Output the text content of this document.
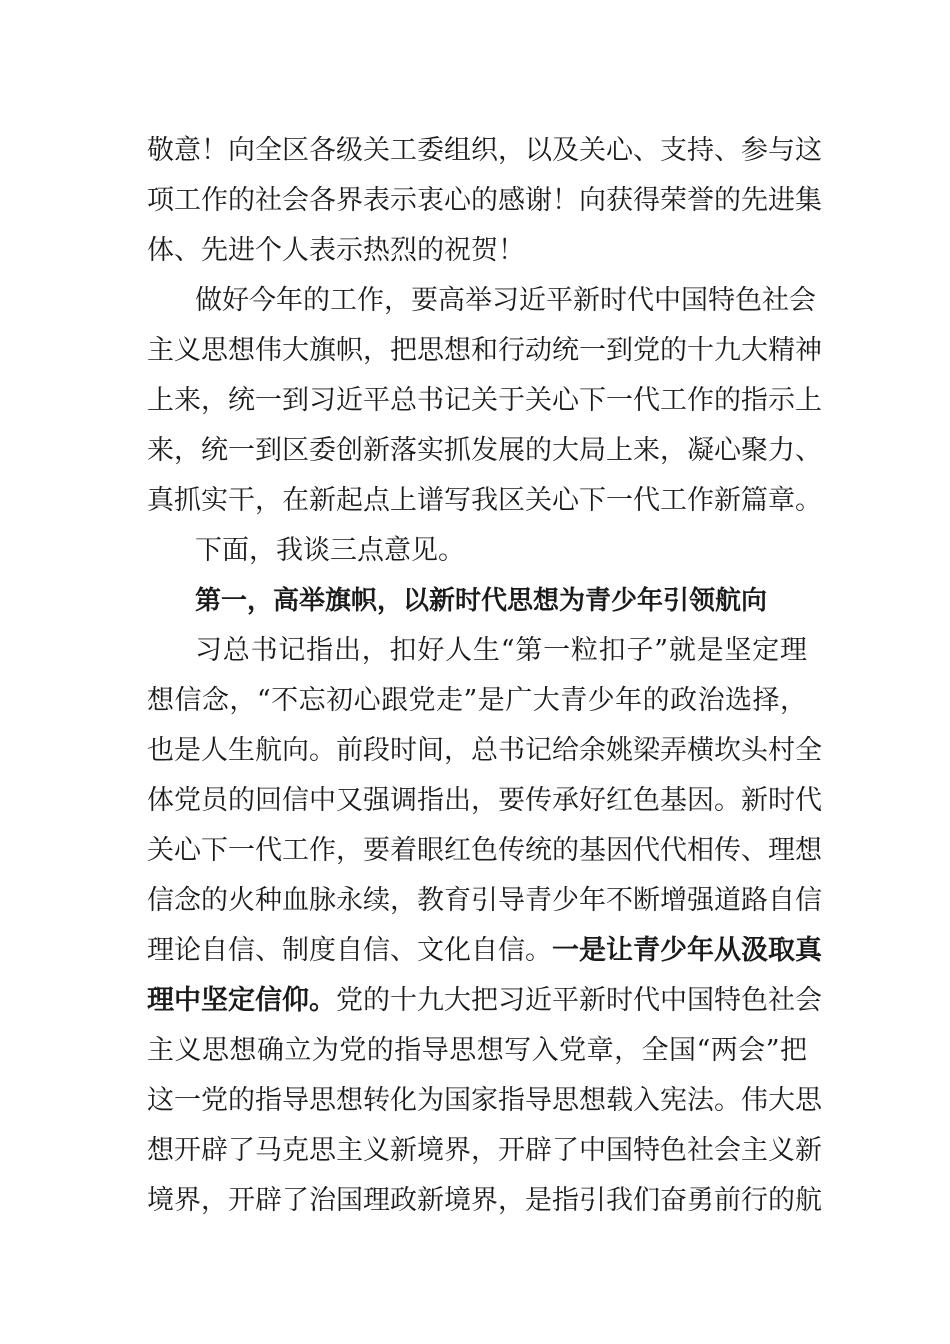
敬意！向全区各级关工委组织，以及关心、支持、参与这
项工作的社会各界表示衷心的感谢！向获得荣誉的先进集
体、先进个人表示热烈的祝贺！
做好今年的工作，要高举习近平新时代中国特色社会
主义思想伟大旗帜，把思想和行动统一到党的十九大精神
上来，统一到习近平总书记关于关心下一代工作的指示上
来，统一到区委创新落实抓发展的大局上来，凝心聚力、
真抓实干，在新起点上谱写我区关心下一代工作新篇章。
下面，我谈三点意见。
第一，高举旗帜，以新时代思想为青少年引领航向
习总书记指出，扣好人生“第一粒扣子”就是坚定理
想信念，“不忘初心跟党走”是广大青少年的政治选择，
也是人生航向。前段时间，总书记给余姚梁弄横坎头村全
体党员的回信中又强调指出，要传承好红色基因。新时代
关心下一代工作，要着眼红色传统的基因代代相传、理想
信念的火种血脉永续，教育引导青少年不断增强道路自信
理论自信、制度自信、文化自信。一是让青少年从汲取真
理中坚定信仰。党的十九大把习近平新时代中国特色社会
主义思想确立为党的指导思想写入党章，全国“两会”把
这一党的指导思想转化为国家指导思想载入宪法。伟大思
想开辟了马克思主义新境界，开辟了中国特色社会主义新
境界，开辟了治国理政新境界，是指引我们奋勇前行的航
